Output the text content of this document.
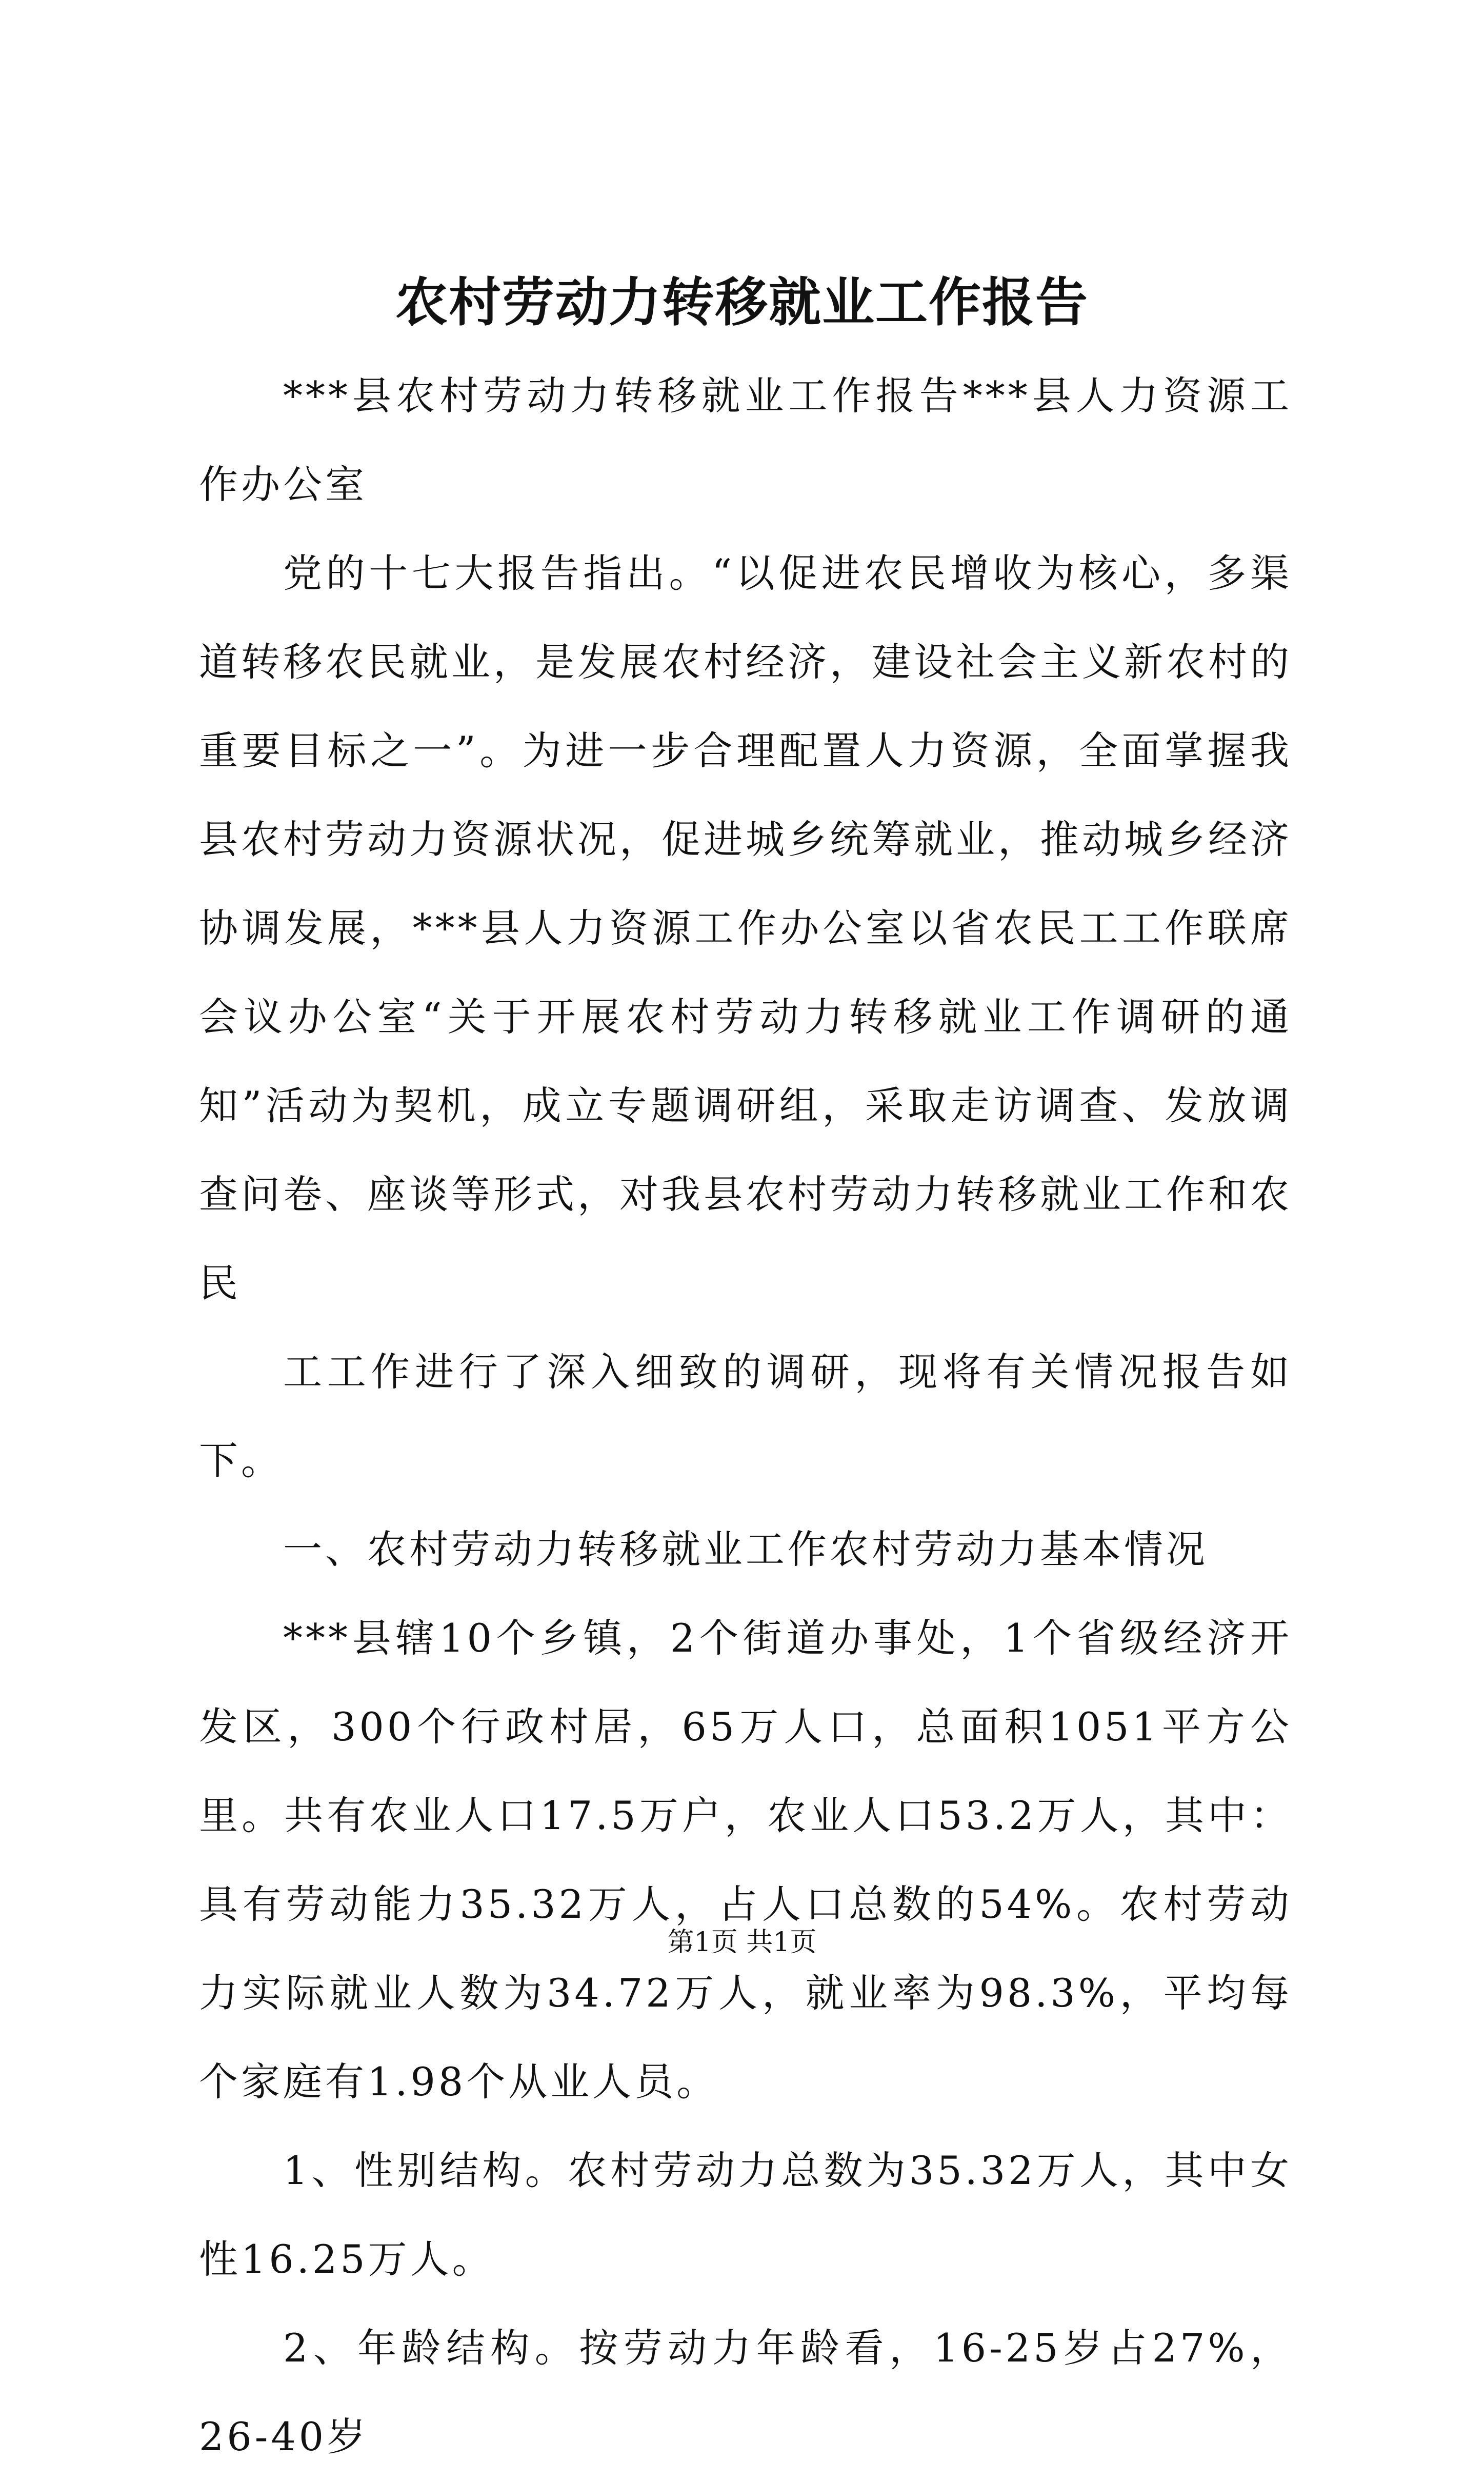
农村劳动力转移就业工作报告

***县农村劳动力转移就业工作报告***县人力资源工作办公室

党的十七大报告指出。“以促进农民增收为核心，多渠道转移农民就业，是发展农村经济，建设社会主义新农村的重要目标之一”。为进一步合理配置人力资源，全面掌握我县农村劳动力资源状况，促进城乡统筹就业，推动城乡经济协调发展，***县人力资源工作办公室以省农民工工作联席会议办公室“关于开展农村劳动力转移就业工作调研的通知”活动为契机，成立专题调研组，采取走访调查、发放调查问卷、座谈等形式，对我县农村劳动力转移就业工作和农民

工工作进行了深入细致的调研，现将有关情况报告如下。

一、农村劳动力转移就业工作农村劳动力基本情况

***县辖10个乡镇，2个街道办事处，1个省级经济开发区，300个行政村居，65万人口，总面积1051平方公里。共有农业人口17.5万户，农业人口53.2万人，其中：具有劳动能力35.32万人，占人口总数的54%。农村劳动力实际就业人数为34.72万人，就业率为98.3%，平均每个家庭有1.98个从业人员。

1、性别结构。农村劳动力总数为35.32万人，其中女性16.25万人。

2、年龄结构。按劳动力年龄看，16-25岁占27%，26-40岁

第1页 共1页
